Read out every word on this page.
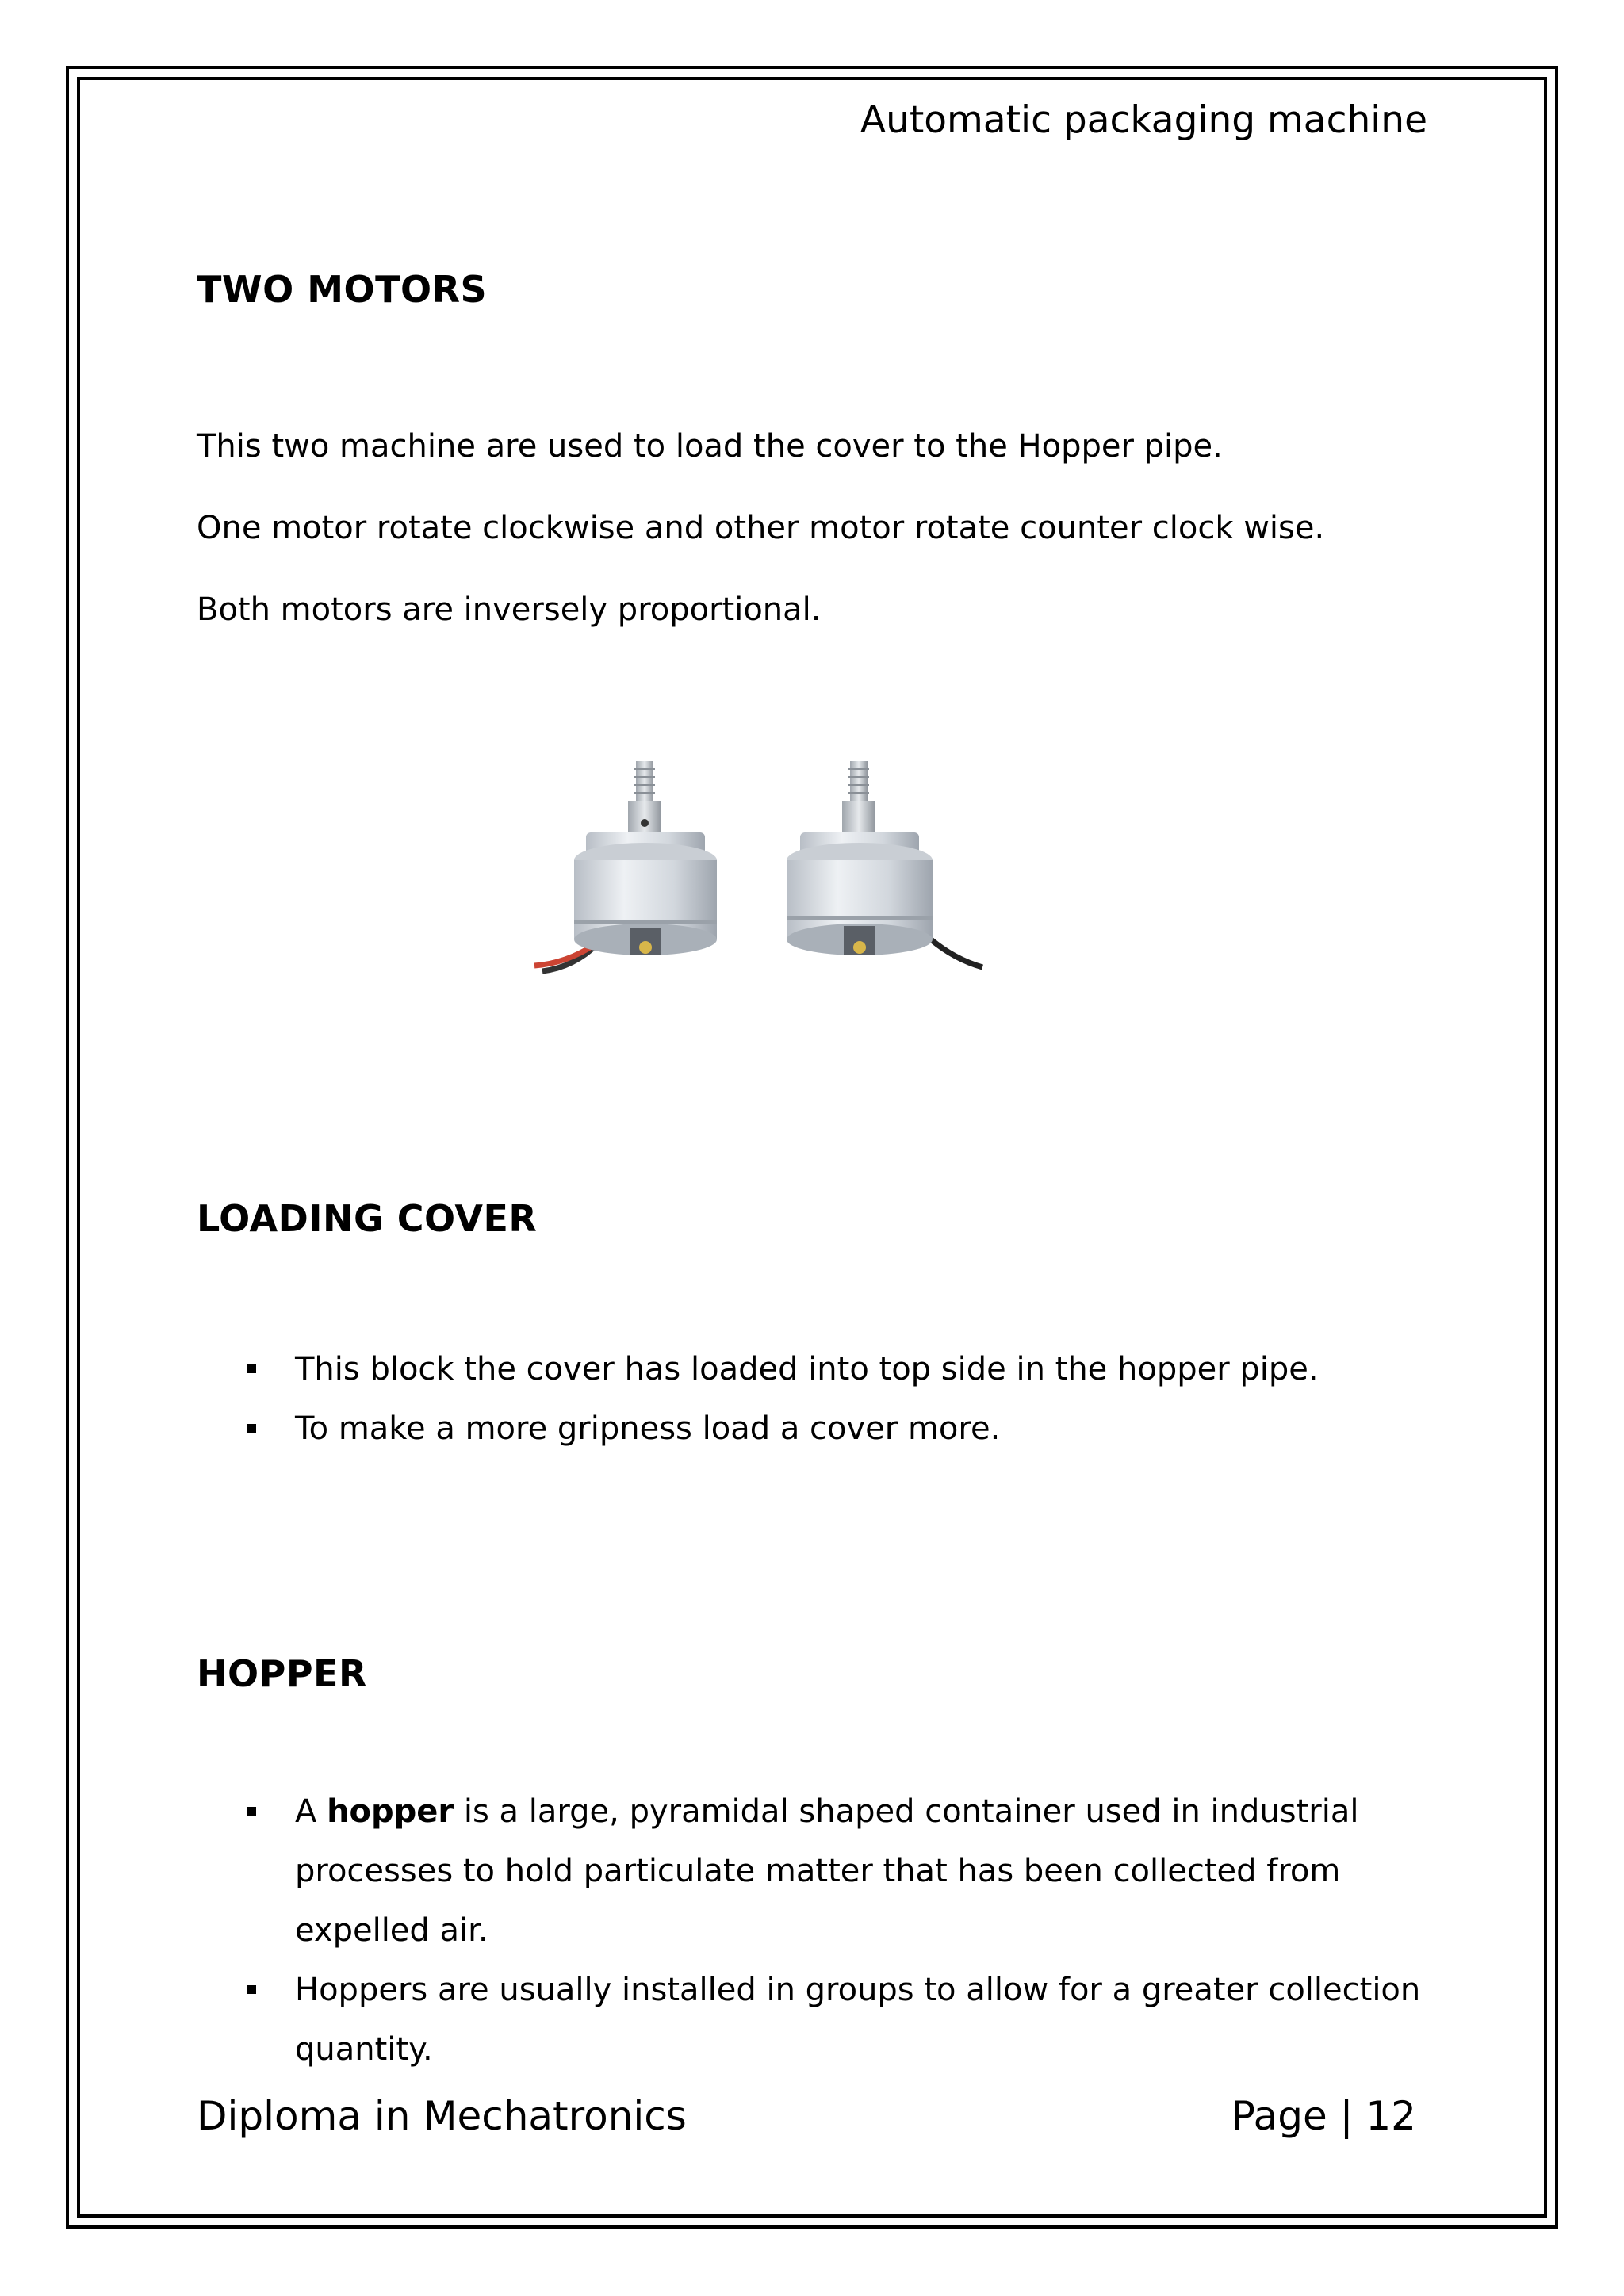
Automatic packaging machine
TWO MOTORS
This two machine are used to load the cover to the Hopper pipe.
One motor rotate clockwise and other motor rotate counter clock wise.
Both motors are inversely proportional.
LOADING COVER
This block the cover has loaded into top side in the hopper pipe.
To make a more gripness load a cover more.
HOPPER
A hopper is a large, pyramidal shaped container used in industrial processes to hold particulate matter that has been collected from expelled air.
Hoppers are usually installed in groups to allow for a greater collection quantity.
Diploma in Mechatronics	Page | 12
